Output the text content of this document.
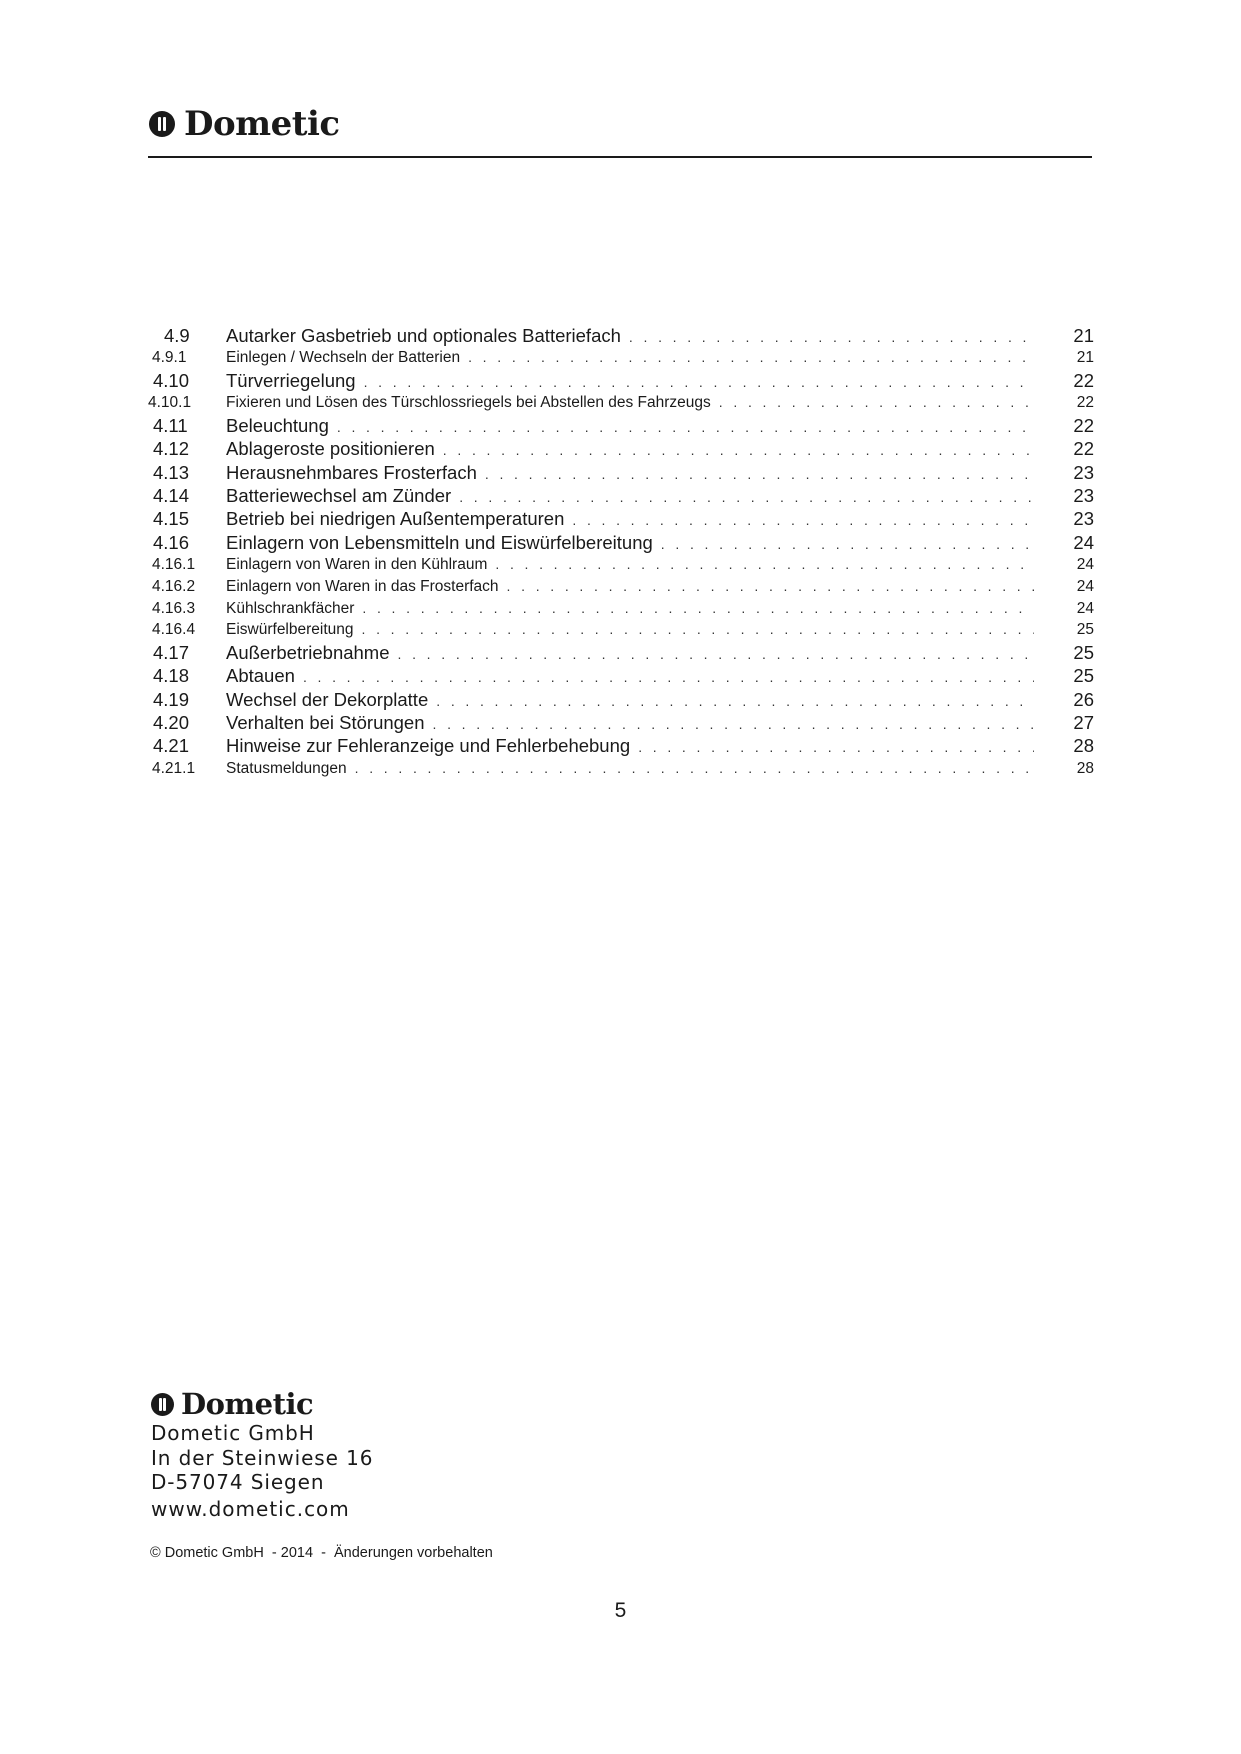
Dometic
4.9	Autarker Gasbetrieb und optionales Batteriefach . . .	21
4.9.1	Einlegen / Wechseln der Batterien . . .	21
4.10	Türverriegelung . . .	22
4.10.1	Fixieren und Lösen des Türschlossriegels bei Abstellen des Fahrzeugs . . .	22
4.11	Beleuchtung . . .	22
4.12	Ablageroste positionieren . . .	22
4.13	Herausnehmbares Frosterfach . . .	23
4.14	Batteriewechsel am Zünder . . .	23
4.15	Betrieb bei niedrigen Außentemperaturen . . .	23
4.16	Einlagern von Lebensmitteln und Eiswürfelbereitung . . .	24
4.16.1	Einlagern von Waren in den Kühlraum . . .	24
4.16.2	Einlagern von Waren in das Frosterfach . . .	24
4.16.3	Kühlschrankfächer . . .	24
4.16.4	Eiswürfelbereitung . . .	25
4.17	Außerbetriebnahme . . .	25
4.18	Abtauen . . .	25
4.19	Wechsel der Dekorplatte . . .	26
4.20	Verhalten bei Störungen . . .	27
4.21	Hinweise zur Fehleranzeige und Fehlerbehebung . . .	28
4.21.1	Statusmeldungen . . .	28
Dometic
Dometic GmbH
In der Steinwiese 16
D-57074 Siegen
www.dometic.com
©
Dometic GmbH
-
2014
-
Änderungen vorbehalten
5
